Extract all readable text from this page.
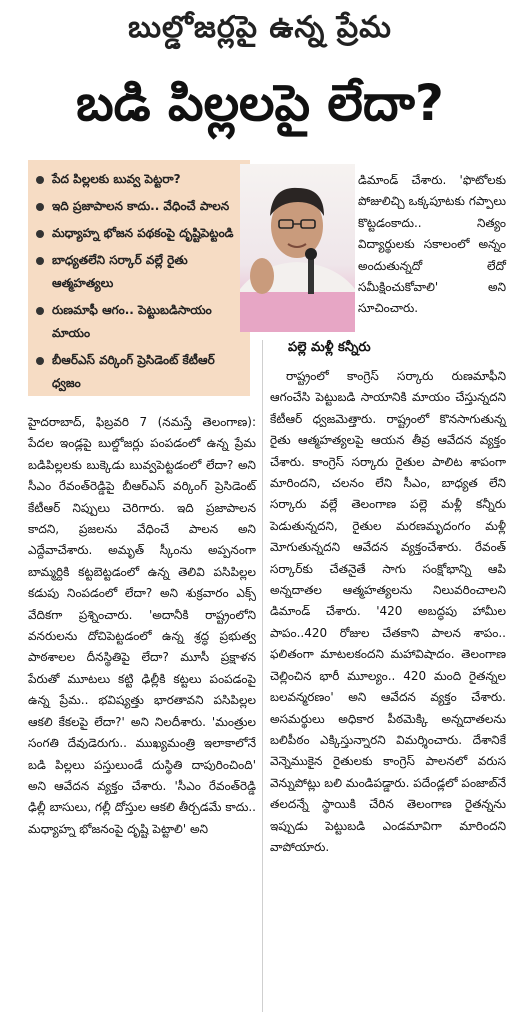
బుల్డోజర్లపై ఉన్న ప్రేమ
బడి పిల్లలపై లేదా?
పేద పిల్లలకు బువ్వ పెట్టరా?
ఇది ప్రజాపాలన కాదు.. వేధించే పాలన
మధ్యాహ్న భోజన పథకంపై దృష్టిపెట్టండి
బాధ్యతలేని సర్కార్ వల్లే రైతు ఆత్మహత్యలు
రుణమాఫీ ఆగం.. పెట్టుబడిసాయం మాయం
బీఆర్ఎస్ వర్కింగ్ ప్రెసిడెంట్ కేటీఆర్ ధ్వజం

డిమాండ్ చేశారు. 'ఫొటోలకు పోజులిచ్చి ఒక్కపూటకు గప్పాలు కొట్టడంకాదు.. నిత్యం విద్యార్థులకు సకాలంలో అన్నం అందుతున్నదో లేదో సమీక్షించుకోవాలి' అని సూచించారు.

పల్లె మళ్లీ కన్నీరు

రాష్ట్రంలో కాంగ్రెస్ సర్కారు రుణమాఫీని ఆగంచేసి పెట్టుబడి సాయానికి మాయం చేస్తున్నదని కేటీఆర్ ధ్వజమెత్తారు. రాష్ట్రంలో కొనసాగుతున్న రైతు ఆత్మహత్యలపై ఆయన తీవ్ర ఆవేదన వ్యక్తం చేశారు. కాంగ్రెస్ సర్కారు రైతుల పాలిట శాపంగా మారిందని, చలనం లేని సీఎం, బాధ్యత లేని సర్కారు వల్లే తెలంగాణ పల్లె మళ్లీ కన్నీరు పెడుతున్నదని, రైతుల మరణమృదంగం మళ్లీ మోగుతున్నదని ఆవేదన వ్యక్తంచేశారు. రేవంత్ సర్కార్‌కు చేతనైతే సాగు సంక్షోభాన్ని ఆపి అన్నదాతల ఆత్మహత్యలను నిలువరించాలని డిమాండ్ చేశారు. '420 అబద్ధపు హామీల పాపం..420 రోజుల చేతకాని పాలన శాపం.. ఫలితంగా మాటలకందని మహావిషాదం. తెలంగాణ చెల్లించిన భారీ మూల్యం.. 420 మంది రైతన్నల బలవన్మరణం' అని ఆవేదన వ్యక్తం చేశారు. అసమర్థులు అధికార పీఠమెక్కి అన్నదాతలను బలిపీఠం ఎక్కిస్తున్నారని విమర్శించారు. దేశానికే వెన్నెముకైన రైతులకు కాంగ్రెస్ పాలనలో వరుస వెన్నుపోట్లు బలి మండిపడ్డారు. పదేండ్లలో పంజాబ్‌నే తలదన్నే స్థాయికి చేరిన తెలంగాణ రైతన్నను ఇప్పుడు పెట్టుబడి ఎండమావిగా మారిందని వాపోయారు.

హైదరాబాద్, ఫిబ్రవరి 7 (నమస్తే తెలంగాణ): పేదల ఇండ్లపై బుల్డోజర్లు పంపడంలో ఉన్న ప్రేమ బడిపిల్లలకు బుక్కెడు బువ్వపెట్టడంలో లేదా? అని సీఎం రేవంత్‌రెడ్డిపై బీఆర్ఎస్ వర్కింగ్ ప్రెసిడెంట్ కేటీఆర్ నిప్పులు చెరిగారు. ఇది ప్రజాపాలన కాదని, ప్రజలను వేధించే పాలన అని ఎద్దేవాచేశారు. అమృత్ స్కీంను అప్పనంగా బామ్మర్దికి కట్టబెట్టడంలో ఉన్న తెలివి పసిపిల్లల కడుపు నింపడంలో లేదా? అని శుక్రవారం ఎక్స్ వేదికగా ప్రశ్నించారు. 'అదానీకి రాష్ట్రంలోని వనరులను దోచిపెట్టడంలో ఉన్న శ్రద్ధ ప్రభుత్వ పాఠశాలల దీనస్థితిపై లేదా? మూసీ ప్రక్షాళన పేరుతో మూటలు కట్టి ఢిల్లీకి కట్టలు పంపడంపై ఉన్న ప్రేమ.. భవిష్యత్తు భారతావని పసిపిల్లల ఆకలి కేకలపై లేదా?' అని నిలదీశారు. 'మంత్రుల సంగతి దేవుడెరుగు.. ముఖ్యమంత్రి ఇలాకాలోనే బడి పిల్లలు పస్తులుండే దుస్థితి దాపురించింది' అని ఆవేదన వ్యక్తం చేశారు. 'సీఎం రేవంత్‌రెడ్డి ఢిల్లీ బాసులు, గల్లీ దోస్తుల ఆకలి తీర్చడమే కాదు.. మధ్యాహ్న భోజనంపై దృష్టి పెట్టాలి' అని
